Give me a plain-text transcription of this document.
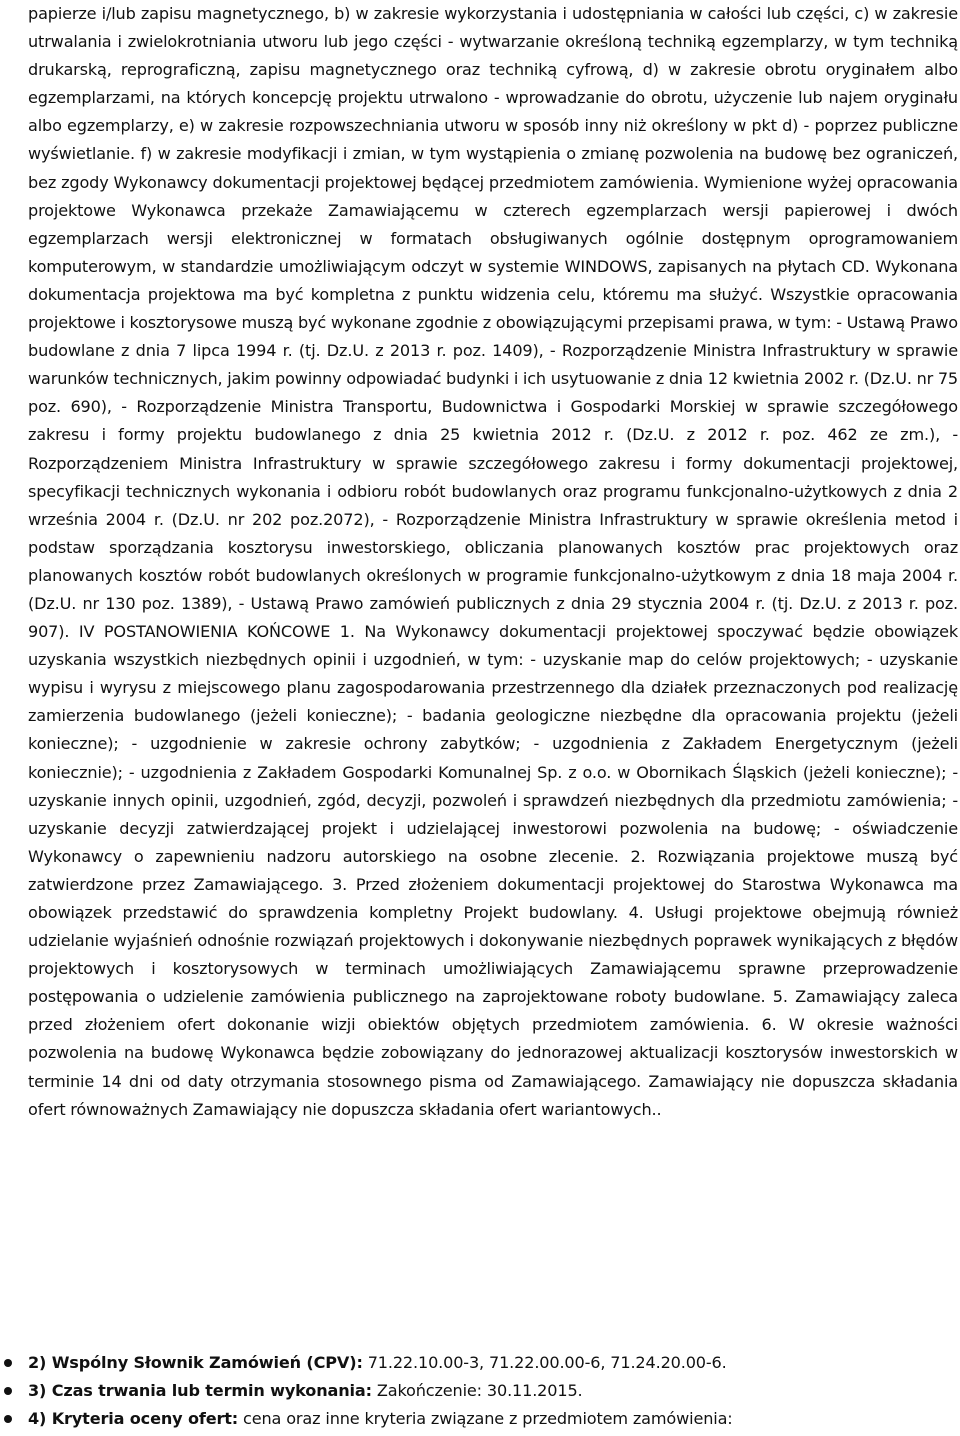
papierze i/lub zapisu magnetycznego, b) w zakresie wykorzystania i udostępniania w całości lub części, c) w zakresie utrwalania i zwielokrotniania utworu lub jego części - wytwarzanie określoną techniką egzemplarzy, w tym techniką drukarską, reprograficzną, zapisu magnetycznego oraz techniką cyfrową, d) w zakresie obrotu oryginałem albo egzemplarzami, na których koncepcję projektu utrwalono - wprowadzanie do obrotu, użyczenie lub najem oryginału albo egzemplarzy, e) w zakresie rozpowszechniania utworu w sposób inny niż określony w pkt d) - poprzez publiczne wyświetlanie. f) w zakresie modyfikacji i zmian, w tym wystąpienia o zmianę pozwolenia na budowę bez ograniczeń, bez zgody Wykonawcy dokumentacji projektowej będącej przedmiotem zamówienia. Wymienione wyżej opracowania projektowe Wykonawca przekaże Zamawiającemu w czterech egzemplarzach wersji papierowej i dwóch egzemplarzach wersji elektronicznej w formatach obsługiwanych ogólnie dostępnym oprogramowaniem komputerowym, w standardzie umożliwiającym odczyt w systemie WINDOWS, zapisanych na płytach CD. Wykonana dokumentacja projektowa ma być kompletna z punktu widzenia celu, któremu ma służyć. Wszystkie opracowania projektowe i kosztorysowe muszą być wykonane zgodnie z obowiązującymi przepisami prawa, w tym: - Ustawą Prawo budowlane z dnia 7 lipca 1994 r. (tj. Dz.U. z 2013 r. poz. 1409), - Rozporządzenie Ministra Infrastruktury w sprawie warunków technicznych, jakim powinny odpowiadać budynki i ich usytuowanie z dnia 12 kwietnia 2002 r. (Dz.U. nr 75 poz. 690), - Rozporządzenie Ministra Transportu, Budownictwa i Gospodarki Morskiej w sprawie szczegółowego zakresu i formy projektu budowlanego z dnia 25 kwietnia 2012 r. (Dz.U. z 2012 r. poz. 462 ze zm.), - Rozporządzeniem Ministra Infrastruktury w sprawie szczegółowego zakresu i formy dokumentacji projektowej, specyfikacji technicznych wykonania i odbioru robót budowlanych oraz programu funkcjonalno-użytkowych z dnia 2 września 2004 r. (Dz.U. nr 202 poz.2072), - Rozporządzenie Ministra Infrastruktury w sprawie określenia metod i podstaw sporządzania kosztorysu inwestorskiego, obliczania planowanych kosztów prac projektowych oraz planowanych kosztów robót budowlanych określonych w programie funkcjonalno-użytkowym z dnia 18 maja 2004 r. (Dz.U. nr 130 poz. 1389), - Ustawą Prawo zamówień publicznych z dnia 29 stycznia 2004 r. (tj. Dz.U. z 2013 r. poz. 907). IV POSTANOWIENIA KOŃCOWE 1. Na Wykonawcy dokumentacji projektowej spoczywać będzie obowiązek uzyskania wszystkich niezbędnych opinii i uzgodnień, w tym: - uzyskanie map do celów projektowych; - uzyskanie wypisu i wyrysu z miejscowego planu zagospodarowania przestrzennego dla działek przeznaczonych pod realizację zamierzenia budowlanego (jeżeli konieczne); - badania geologiczne niezbędne dla opracowania projektu (jeżeli konieczne); - uzgodnienie w zakresie ochrony zabytków; - uzgodnienia z Zakładem Energetycznym (jeżeli koniecznie); - uzgodnienia z Zakładem Gospodarki Komunalnej Sp. z o.o. w Obornikach Śląskich (jeżeli konieczne); - uzyskanie innych opinii, uzgodnień, zgód, decyzji, pozwoleń i sprawdzeń niezbędnych dla przedmiotu zamówienia; - uzyskanie decyzji zatwierdzającej projekt i udzielającej inwestorowi pozwolenia na budowę; - oświadczenie Wykonawcy o zapewnieniu nadzoru autorskiego na osobne zlecenie. 2. Rozwiązania projektowe muszą być zatwierdzone przez Zamawiającego. 3. Przed złożeniem dokumentacji projektowej do Starostwa Wykonawca ma obowiązek przedstawić do sprawdzenia kompletny Projekt budowlany. 4. Usługi projektowe obejmują również udzielanie wyjaśnień odnośnie rozwiązań projektowych i dokonywanie niezbędnych poprawek wynikających z błędów projektowych i kosztorysowych w terminach umożliwiających Zamawiającemu sprawne przeprowadzenie postępowania o udzielenie zamówienia publicznego na zaprojektowane roboty budowlane. 5. Zamawiający zaleca przed złożeniem ofert dokonanie wizji obiektów objętych przedmiotem zamówienia. 6. W okresie ważności pozwolenia na budowę Wykonawca będzie zobowiązany do jednorazowej aktualizacji kosztorysów inwestorskich w terminie 14 dni od daty otrzymania stosownego pisma od Zamawiającego. Zamawiający nie dopuszcza składania ofert równoważnych Zamawiający nie dopuszcza składania ofert wariantowych..

2) Wspólny Słownik Zamówień (CPV): 71.22.10.00-3, 71.22.00.00-6, 71.24.20.00-6.
3) Czas trwania lub termin wykonania: Zakończenie: 30.11.2015.
4) Kryteria oceny ofert: cena oraz inne kryteria związane z przedmiotem zamówienia:
